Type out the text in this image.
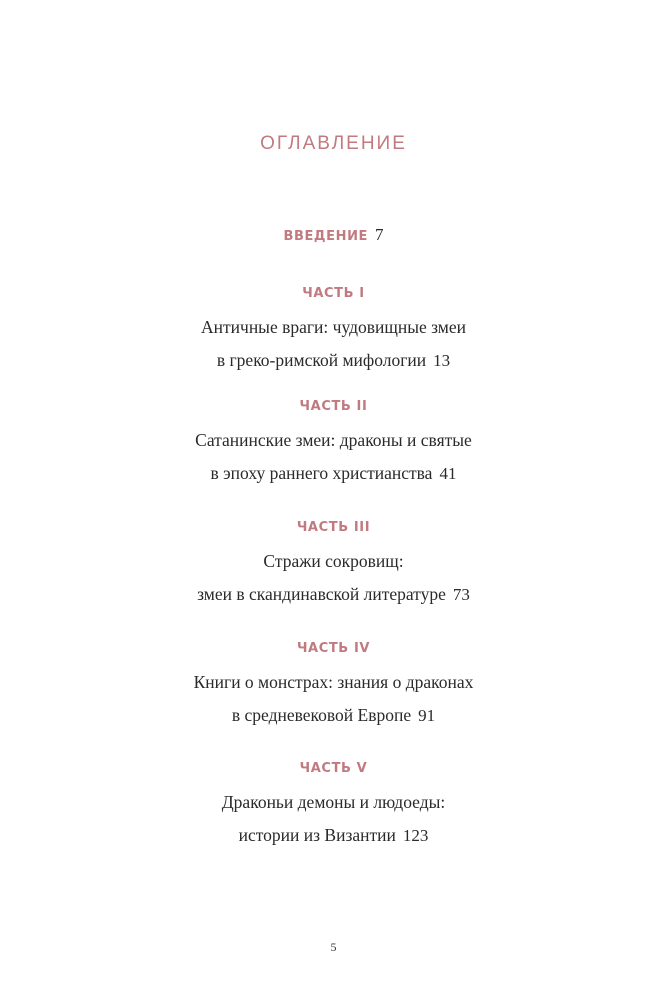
ОГЛАВЛЕНИЕ
ВВЕДЕНИЕ 7
ЧАСТЬ I
Античные враги: чудовищные змеи
в греко-римской мифологии 13
ЧАСТЬ II
Сатанинские змеи: драконы и святые
в эпоху раннего христианства 41
ЧАСТЬ III
Стражи сокровищ:
змеи в скандинавской литературе 73
ЧАСТЬ IV
Книги о монстрах: знания о драконах
в средневековой Европе 91
ЧАСТЬ V
Драконьи демоны и людоеды:
истории из Византии 123
5
